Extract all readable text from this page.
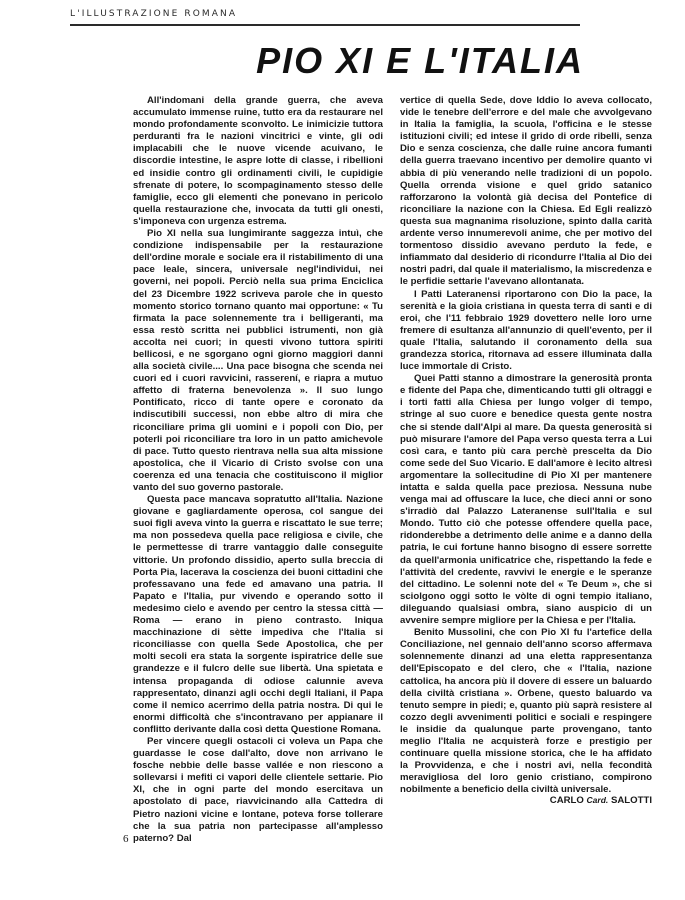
L'ILLUSTRAZIONE ROMANA
PIO XI E L'ITALIA

All'indomani della grande guerra, che aveva accumulato immense ruine, tutto era da restaurare nel mondo profondamente sconvolto. Le inimicizie tuttora perduranti fra le nazioni vincitrici e vinte, gli odi implacabili che le nuove vicende acuivano, le discordie intestine, le aspre lotte di classe, i ribellioni ed insidie contro gli ordinamenti civili, le cupidigie sfrenate di potere, lo scompaginamento stesso delle famiglie, ecco gli elementi che ponevano in pericolo quella restaurazione che, invocata da tutti gli onesti, s'imponeva con urgenza estrema.

Pio XI nella sua lungimirante saggezza intuì, che condizione indispensabile per la restaurazione dell'ordine morale e sociale era il ristabilimento di una pace leale, sincera, universale negl'individui, nei governi, nei popoli. Perciò nella sua prima Enciclica del 23 Dicembre 1922 scriveva parole che in questo momento storico tornano quanto mai opportune: « Tu firmata la pace solennemente tra i belligeranti, ma essa restò scritta nei pubblici istrumenti, non già accolta nei cuori; in questi vivono tuttora spiriti bellicosi, e ne sgorgano ogni giorno maggiori danni alla società civile.... Una pace bisogna che scenda nei cuori ed i cuori ravvicini, rasserení, e riapra a mutuo affetto di fraterna benevolenza ». Il suo lungo Pontificato, ricco di tante opere e coronato da indiscutibili successi, non ebbe altro di mira che riconciliare prima gli uomini e i popoli con Dio, per poterli poi riconciliare tra loro in un patto amichevole di pace. Tutto questo rientrava nella sua alta missione apostolica, che il Vicario di Cristo svolse con una coerenza ed una tenacia che costituiscono il miglior vanto del suo governo pastorale.

Questa pace mancava sopratutto all'Italia. Nazione giovane e gagliardamente operosa, col sangue dei suoi figli aveva vinto la guerra e riscattato le sue terre; ma non possedeva quella pace religiosa e civile, che le permettesse di trarre vantaggio dalle conseguite vittorie. Un profondo dissidio, aperto sulla breccia di Porta Pia, lacerava la coscienza dei buoni cittadini che professavano una fede ed amavano una patria. Il Papato e l'Italia, pur vivendo e operando sotto il medesimo cielo e avendo per centro la stessa città — Roma — erano in pieno contrasto. Iniqua macchinazione di sètte impediva che l'Italia si riconciliasse con quella Sede Apostolica, che per molti secoli era stata la sorgente ispiratrice delle sue grandezze e il fulcro delle sue libertà. Una spietata e intensa propaganda di odiose calunnie aveva rappresentato, dinanzi agli occhi degli Italiani, il Papa come il nemico acerrimo della patria nostra. Di qui le enormi difficoltà che s'incontravano per appianare il conflitto derivante dalla così detta Questione Romana.

Per vincere quegli ostacoli ci voleva un Papa che guardasse le cose dall'alto, dove non arrivano le fosche nebbie delle basse vallée e non riescono a sollevarsi i mefiti ci vapori delle clientele settarie. Pio XI, che in ogni parte del mondo esercitava un apostolato di pace, riavvicinando alla Cattedra di Pietro nazioni vicine e lontane, poteva forse tollerare che la sua patria non partecipasse all'amplesso paterno? Dal

vertice di quella Sede, dove Iddio lo aveva collocato, vide le tenebre dell'errore e del male che avvolgevano in Italia la famiglia, la scuola, l'officina e le stesse istituzioni civili; ed intese il grido di orde ribelli, senza Dio e senza coscienza, che dalle ruine ancora fumanti della guerra traevano incentivo per demolire quanto vi abbia di più venerando nelle tradizioni di un popolo. Quella orrenda visione e quel grido satanico rafforzarono la volontà già decisa del Pontefice di riconciliare la nazione con la Chiesa. Ed Egli realizzò questa sua magnanima risoluzione, spinto dalla carità ardente verso innumerevoli anime, che per motivo del tormentoso dissidio avevano perduto la fede, e infiammato dal desiderio di ricondurre l'Italia al Dio dei nostri padri, dal quale il materialismo, la miscredenza e le perfidie settarie l'avevano allontanata.

I Patti Lateranensi riportarono con Dio la pace, la serenità e la gioia cristiana in questa terra di santi e di eroi, che l'11 febbraio 1929 dovettero nelle loro urne fremere di esultanza all'annunzio di quell'evento, per il quale l'Italia, salutando il coronamento della sua grandezza storica, ritornava ad essere illuminata dalla luce immortale di Cristo.

Quei Patti stanno a dimostrare la generosità pronta e fidente del Papa che, dimenticando tutti gli oltraggi e i torti fatti alla Chiesa per lungo volger di tempo, stringe al suo cuore e benedice questa gente nostra che si stende dall'Alpi al mare. Da questa generosità si può misurare l'amore del Papa verso questa terra a Lui così cara, e tanto più cara perchè prescelta da Dio come sede del Suo Vicario. E dall'amore è lecito altresì argomentare la sollecitudine di Pio XI per mantenere intatta e salda quella pace preziosa. Nessuna nube venga mai ad offuscare la luce, che dieci anni or sono s'irradiò dal Palazzo Lateranense sull'Italia e sul Mondo. Tutto ciò che potesse offendere quella pace, ridonderebbe a detrimento delle anime e a danno della patria, le cui fortune hanno bisogno di essere sorrette da quell'armonia unificatrice che, rispettando la fede e l'attività del credente, ravvivi le energie e le speranze del cittadino. Le solenni note del « Te Deum », che si sciolgono oggi sotto le vòlte di ogni tempio italiano, dileguando qualsiasi ombra, siano auspicio di un avvenire sempre migliore per la Chiesa e per l'Italia.

Benito Mussolini, che con Pio XI fu l'artefice della Conciliazione, nel gennaio dell'anno scorso affermava solennemente dinanzi ad una eletta rappresentanza dell'Episcopato e del clero, che « l'Italia, nazione cattolica, ha ancora più il dovere di essere un baluardo della civiltà cristiana ». Orbene, questo baluardo va tenuto sempre in piedi; e, quanto più saprà resistere al cozzo degli avvenimenti politici e sociali e respingere le insidie da qualunque parte provengano, tanto meglio l'Italia ne acquisterà forze e prestigio per continuare quella missione storica, che le ha affidato la Provvidenza, e che i nostri avi, nella fecondità meravigliosa del loro genio cristiano, compirono nobilmente a beneficio della civiltà universale.

CARLO Card. SALOTTI
6
